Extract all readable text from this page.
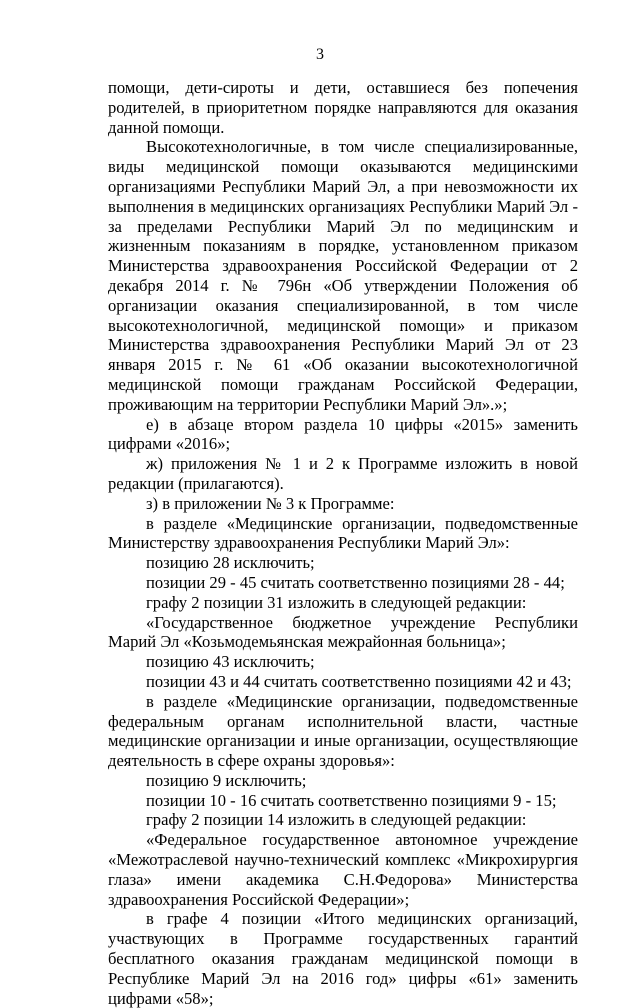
3

помощи, дети-сироты и дети, оставшиеся без попечения родителей, в приоритетном порядке направляются для оказания данной помощи.

Высокотехнологичные, в том числе специализированные, виды медицинской помощи оказываются медицинскими организациями Республики Марий Эл, а при невозможности их выполнения в медицинских организациях Республики Марий Эл - за пределами Республики Марий Эл по медицинским и жизненным показаниям в порядке, установленном приказом Министерства здравоохранения Российской Федерации от 2 декабря 2014 г. № 796н «Об утверждении Положения об организации оказания специализированной, в том числе высокотехнологичной, медицинской помощи» и приказом Министерства здравоохранения Республики Марий Эл от 23 января 2015 г. № 61 «Об оказании высокотехнологичной медицинской помощи гражданам Российской Федерации, проживающим на территории Республики Марий Эл».»;

е) в абзаце втором раздела 10 цифры «2015» заменить цифрами «2016»;

ж) приложения № 1 и 2 к Программе изложить в новой редакции (прилагаются).

з) в приложении № 3 к Программе:

в разделе «Медицинские организации, подведомственные Министерству здравоохранения Республики Марий Эл»:

позицию 28 исключить;

позиции 29 - 45 считать соответственно позициями 28 - 44;

графу 2 позиции 31 изложить в следующей редакции:

«Государственное бюджетное учреждение Республики Марий Эл «Козьмодемьянская межрайонная больница»;

позицию 43 исключить;

позиции 43 и 44 считать соответственно позициями 42 и 43;

в разделе «Медицинские организации, подведомственные федеральным органам исполнительной власти, частные медицинские организации и иные организации, осуществляющие деятельность в сфере охраны здоровья»:

позицию 9 исключить;

позиции 10 - 16 считать соответственно позициями 9 - 15;

графу 2 позиции 14 изложить в следующей редакции:

«Федеральное государственное автономное учреждение «Межотраслевой научно-технический комплекс «Микрохирургия глаза» имени академика С.Н.Федорова» Министерства здравоохранения Российской Федерации»;

в графе 4 позиции «Итого медицинских организаций, участвующих в Программе государственных гарантий бесплатного оказания гражданам медицинской помощи в Республике Марий Эл на 2016 год» цифры «61» заменить цифрами «58»;
